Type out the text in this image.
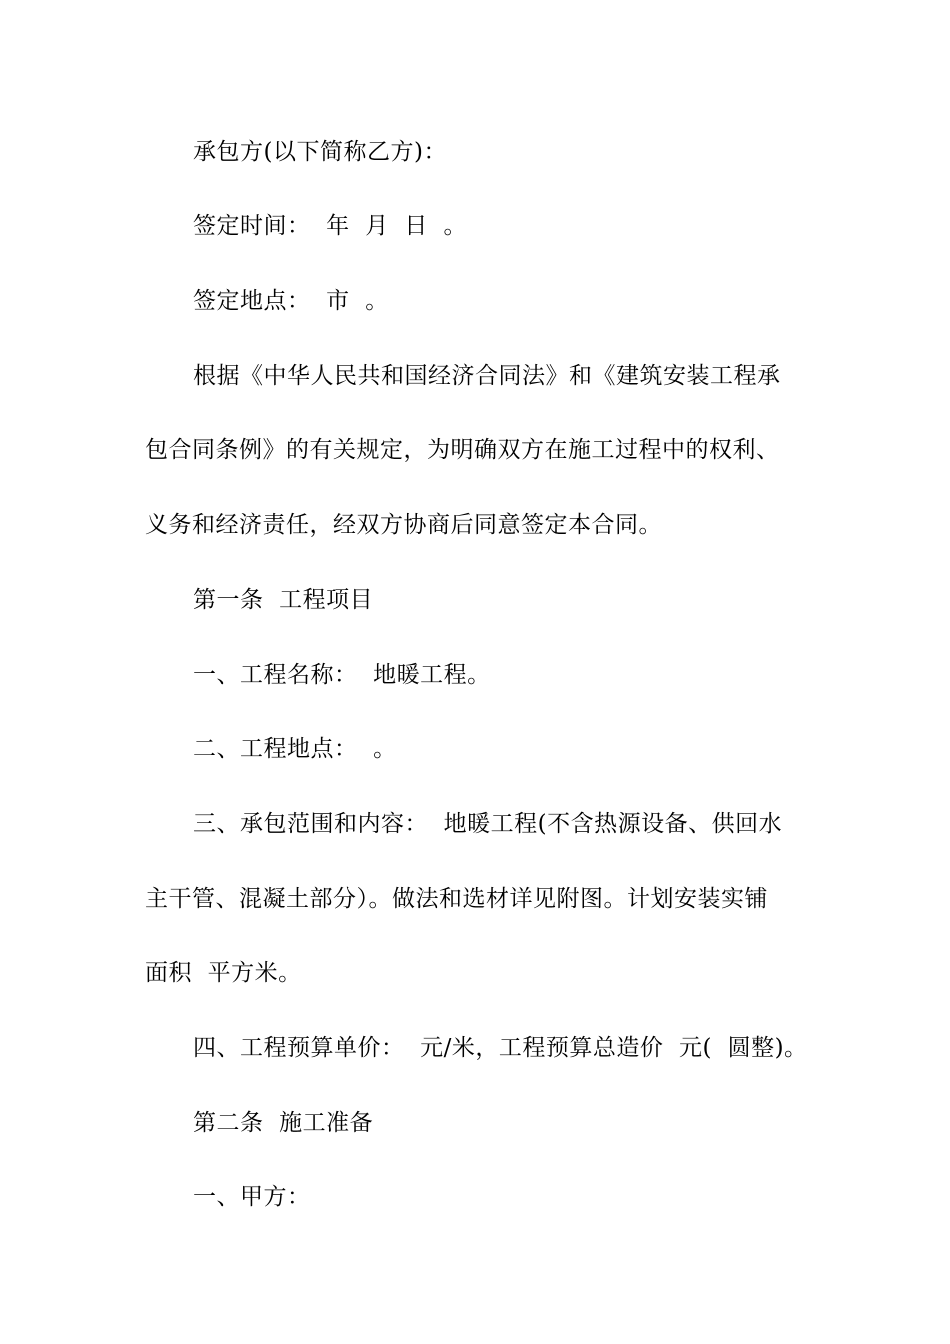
承包方(以下简称乙方)：
签定时间：  年  月  日  。
签定地点：  市  。
根据《中华人民共和国经济合同法》和《建筑安装工程承
包合同条例》的有关规定，为明确双方在施工过程中的权利、
义务和经济责任，经双方协商后同意签定本合同。
第一条  工程项目
一、工程名称：  地暖工程。
二、工程地点：  。
三、承包范围和内容：  地暖工程(不含热源设备、供回水
主干管、混凝土部分）。做法和选材详见附图。计划安装实铺
面积  平方米。
四、工程预算单价：  元/米，工程预算总造价  元(  圆整)。
第二条  施工准备
一、甲方：
